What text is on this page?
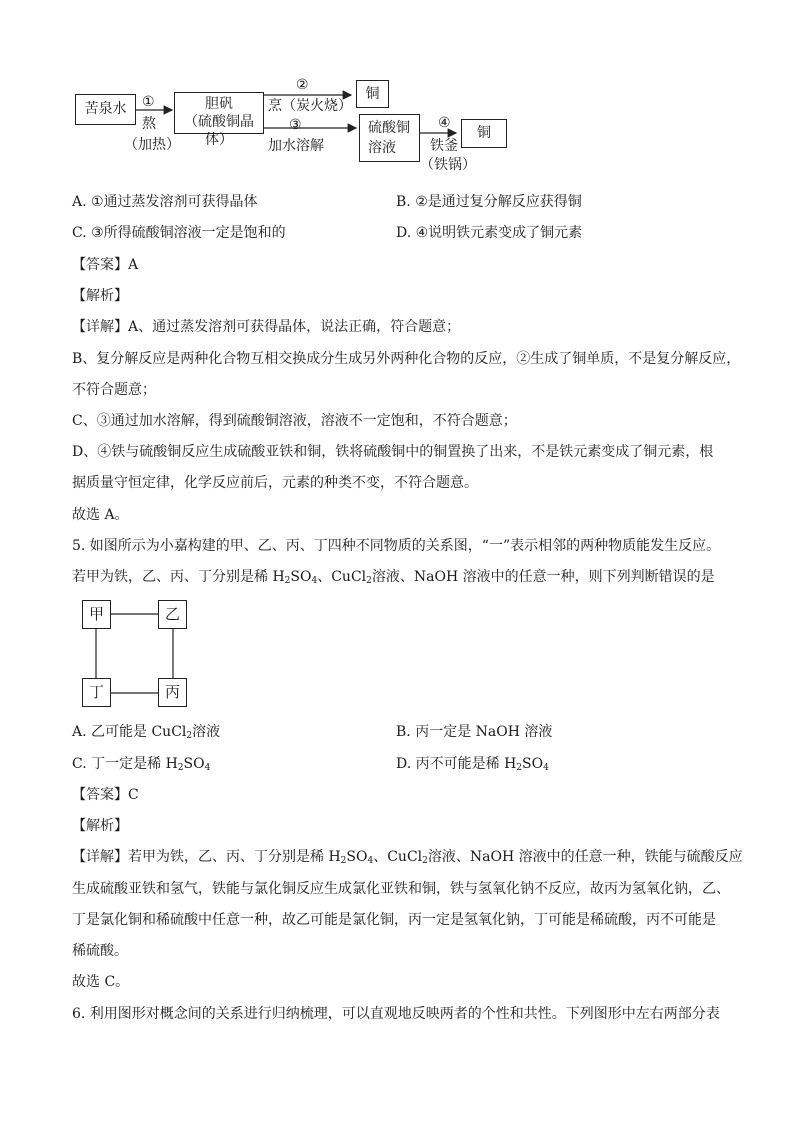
苦泉水	①
熬
（加热）
胆矾
（硫酸铜晶体）
②
烹（炭火烧）
铜
③
加水溶解
硫酸铜
溶液
④
铁釜
（铁锅）
铜
A. ①通过蒸发溶剂可获得晶体	B. ②是通过复分解反应获得铜
C. ③所得硫酸铜溶液一定是饱和的	D. ④说明铁元素变成了铜元素
【答案】A
【解析】
【详解】A、通过蒸发溶剂可获得晶体，说法正确，符合题意；
B、复分解反应是两种化合物互相交换成分生成另外两种化合物的反应，②生成了铜单质，不是复分解反应，
不符合题意；
C、③通过加水溶解，得到硫酸铜溶液，溶液不一定饱和，不符合题意；
D、④铁与硫酸铜反应生成硫酸亚铁和铜，铁将硫酸铜中的铜置换了出来，不是铁元素变成了铜元素，根
据质量守恒定律，化学反应前后，元素的种类不变，不符合题意。
故选 A。
5. 如图所示为小嘉构建的甲、乙、丙、丁四种不同物质的关系图，“一”表示相邻的两种物质能发生反应。
若甲为铁，乙、丙、丁分别是稀 $H_2SO_4$、CuCl$_2$溶液、NaOH 溶液中的任意一种，则下列判断错误的是
甲	乙
丁	丙
A. 乙可能是 CuCl$_2$溶液	B. 丙一定是 NaOH 溶液
C. 丁一定是稀 $H_2SO_4$	D. 丙不可能是稀 $H_2SO_4$
【答案】C
【解析】
【详解】若甲为铁，乙、丙、丁分别是稀 $H_2SO_4$、CuCl$_2$溶液、NaOH 溶液中的任意一种，铁能与硫酸反应
生成硫酸亚铁和氢气，铁能与氯化铜反应生成氯化亚铁和铜，铁与氢氧化钠不反应，故丙为氢氧化钠，乙、
丁是氯化铜和稀硫酸中任意一种，故乙可能是氯化铜，丙一定是氢氧化钠，丁可能是稀硫酸，丙不可能是
稀硫酸。
故选 C。
6. 利用图形对概念间的关系进行归纳梳理，可以直观地反映两者的个性和共性。下列图形中左右两部分表
